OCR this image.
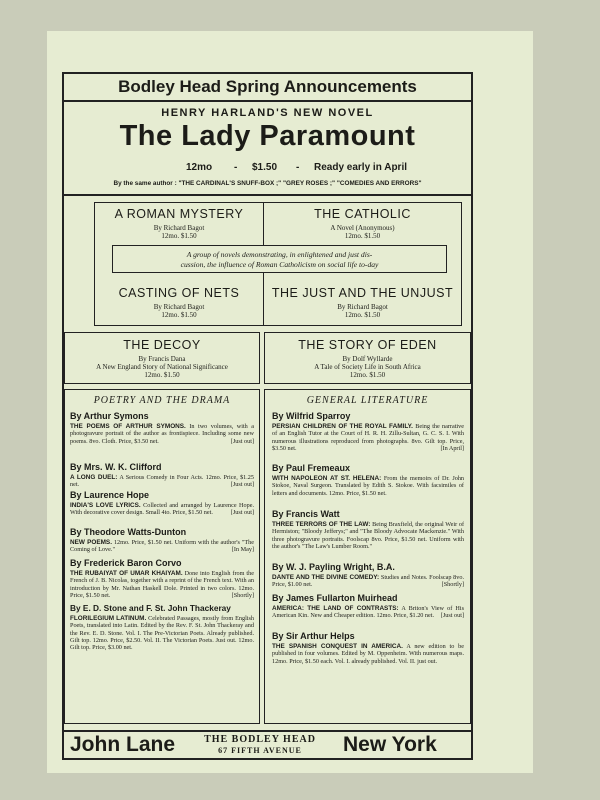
Bodley Head Spring Announcements
HENRY HARLAND'S NEW NOVEL
The Lady Paramount
12mo - $1.50 - Ready early in April
By the same author : "THE CARDINAL'S SNUFF-BOX ;" "GREY ROSES ;" "COMEDIES AND ERRORS"
A ROMAN MYSTERY
By Richard Bagot
12mo. $1.50
THE CATHOLIC
A Novel (Anonymous)
12mo. $1.50
A group of novels demonstrating, in enlightened and just dis-
cussion, the influence of Roman Catholicism on social life to-day
CASTING OF NETS
By Richard Bagot
12mo. $1.50
THE JUST AND THE UNJUST
By Richard Bagot
12mo. $1.50
THE DECOY
By Francis Dana
A New England Story of National Significance
12mo. $1.50
THE STORY OF EDEN
By Dolf Wyllarde
A Tale of Society Life in South Africa
12mo. $1.50
POETRY AND THE DRAMA	GENERAL LITERATURE
By Arthur Symons
THE POEMS OF ARTHUR SYMONS. In two volumes, with a photogravure portrait of the author as frontispiece. Including some new poems. 8vo. Cloth. Price, $3.50 net.	[Just out]
By Mrs. W. K. Clifford
A LONG DUEL: A Serious Comedy in Four Acts. 12mo. Price, $1.25 net.	[Just out]
By Laurence Hope
INDIA'S LOVE LYRICS. Collected and arranged by Laurence Hope. With decorative cover design. Small 4to. Price, $1.50 net.	[Just out]
By Theodore Watts-Dunton
NEW POEMS. 12mo. Price, $1.50 net. Uniform with the author's "The Coming of Love."	[In May]
By Frederick Baron Corvo
THE RUBAIYAT OF UMAR KHAIYAM. Done into English from the French of J. B. Nicolas, together with a reprint of the French text. With an introduction by Mr. Nathan Haskell Dole. Printed in two colors. 12mo. Price, $1.50 net.	[Shortly]
By E. D. Stone and F. St. John Thackeray
FLORILEGIUM LATINUM. Celebrated Passages, mostly from English Poets, translated into Latin. Edited by the Rev. F. St. John Thackeray and the Rev. E. D. Stone. Vol. I. The Pre-Victorian Poets. Already published. Gilt top. 12mo. Price, $2.50. Vol. II. The Victorian Poets. Just out. 12mo. Gilt top. Price, $3.00 net.
By Wilfrid Sparroy
PERSIAN CHILDREN OF THE ROYAL FAMILY. Being the narrative of an English Tutor at the Court of H. R. H. Zillu-Sultan, G. C. S. I. With numerous illustrations reproduced from photographs. 8vo. Gilt top. Price, $3.50 net.	[In April]
By Paul Fremeaux
WITH NAPOLEON AT ST. HELENA: From the memoirs of Dr. John Stokoe, Naval Surgeon. Translated by Edith S. Stokoe. With facsimiles of letters and documents. 12mo. Price, $1.50 net.
By Francis Watt
THREE TERRORS OF THE LAW: Being Braxfield, the original Weir of Hermiston; "Bloody Jefferys;" and "The Bloody Advocate Mackenzie." With three photogravure portraits. Foolscap 8vo. Price, $1.50 net. Uniform with the author's "The Law's Lumber Room."
By W. J. Payling Wright, B.A.
DANTE AND THE DIVINE COMEDY: Studies and Notes. Foolscap 8vo. Price, $1.00 net.	[Shortly]
By James Fullarton Muirhead
AMERICA: THE LAND OF CONTRASTS: A Briton's View of His American Kin. New and Cheaper edition. 12mo. Price, $1.20 net. [Just out]
By Sir Arthur Helps
THE SPANISH CONQUEST IN AMERICA. A new edition to be published in four volumes. Edited by M. Oppenheim. With numerous maps. 12mo. Price, $1.50 each. Vol. I. already published. Vol. II. just out.
John Lane	THE BODLEY HEAD
67 FIFTH AVENUE	New York
